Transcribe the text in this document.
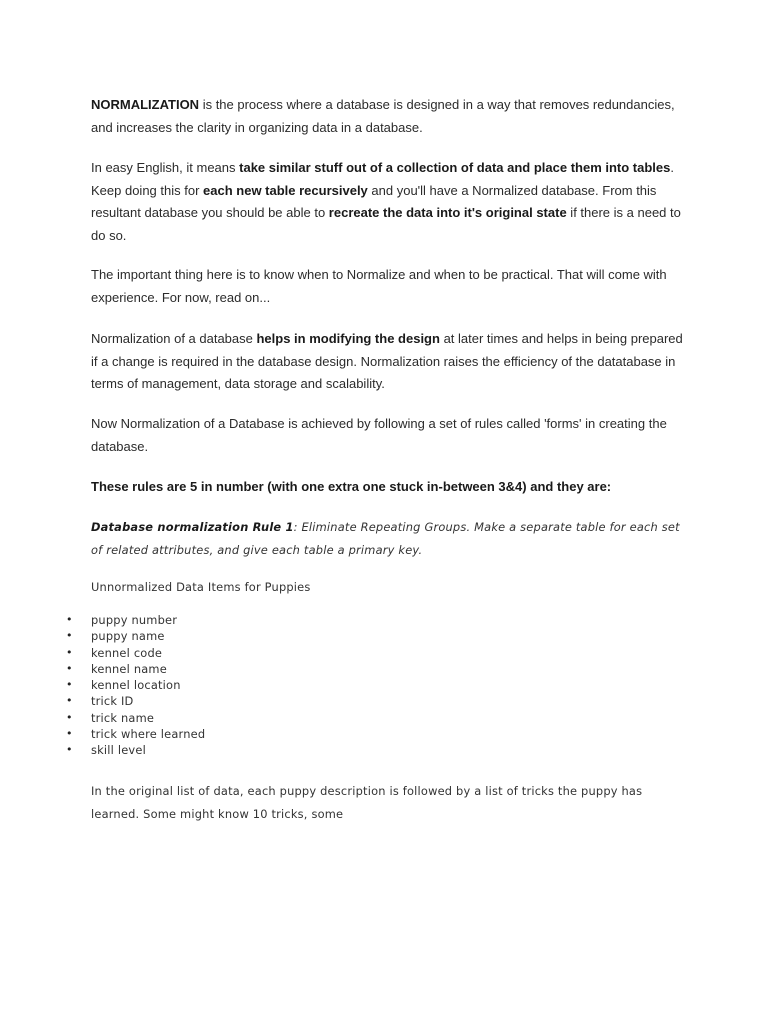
NORMALIZATION is the process where a database is designed in a way that removes redundancies, and increases the clarity in organizing data in a database.

In easy English, it means take similar stuff out of a collection of data and place them into tables. Keep doing this for each new table recursively and you'll have a Normalized database. From this resultant database you should be able to recreate the data into it's original state if there is a need to do so.

The important thing here is to know when to Normalize and when to be practical. That will come with experience. For now, read on...

Normalization of a database helps in modifying the design at later times and helps in being prepared if a change is required in the database design. Normalization raises the efficiency of the datatabase in terms of management, data storage and scalability.

Now Normalization of a Database is achieved by following a set of rules called 'forms' in creating the database.

These rules are 5 in number (with one extra one stuck in-between 3&4) and they are:

Database normalization Rule 1: Eliminate Repeating Groups. Make a separate table for each set of related attributes, and give each table a primary key.

Unnormalized Data Items for Puppies

• puppy number
• puppy name
• kennel code
• kennel name
• kennel location
• trick ID
• trick name
• trick where learned
• skill level

In the original list of data, each puppy description is followed by a list of tricks the puppy has learned. Some might know 10 tricks, some
